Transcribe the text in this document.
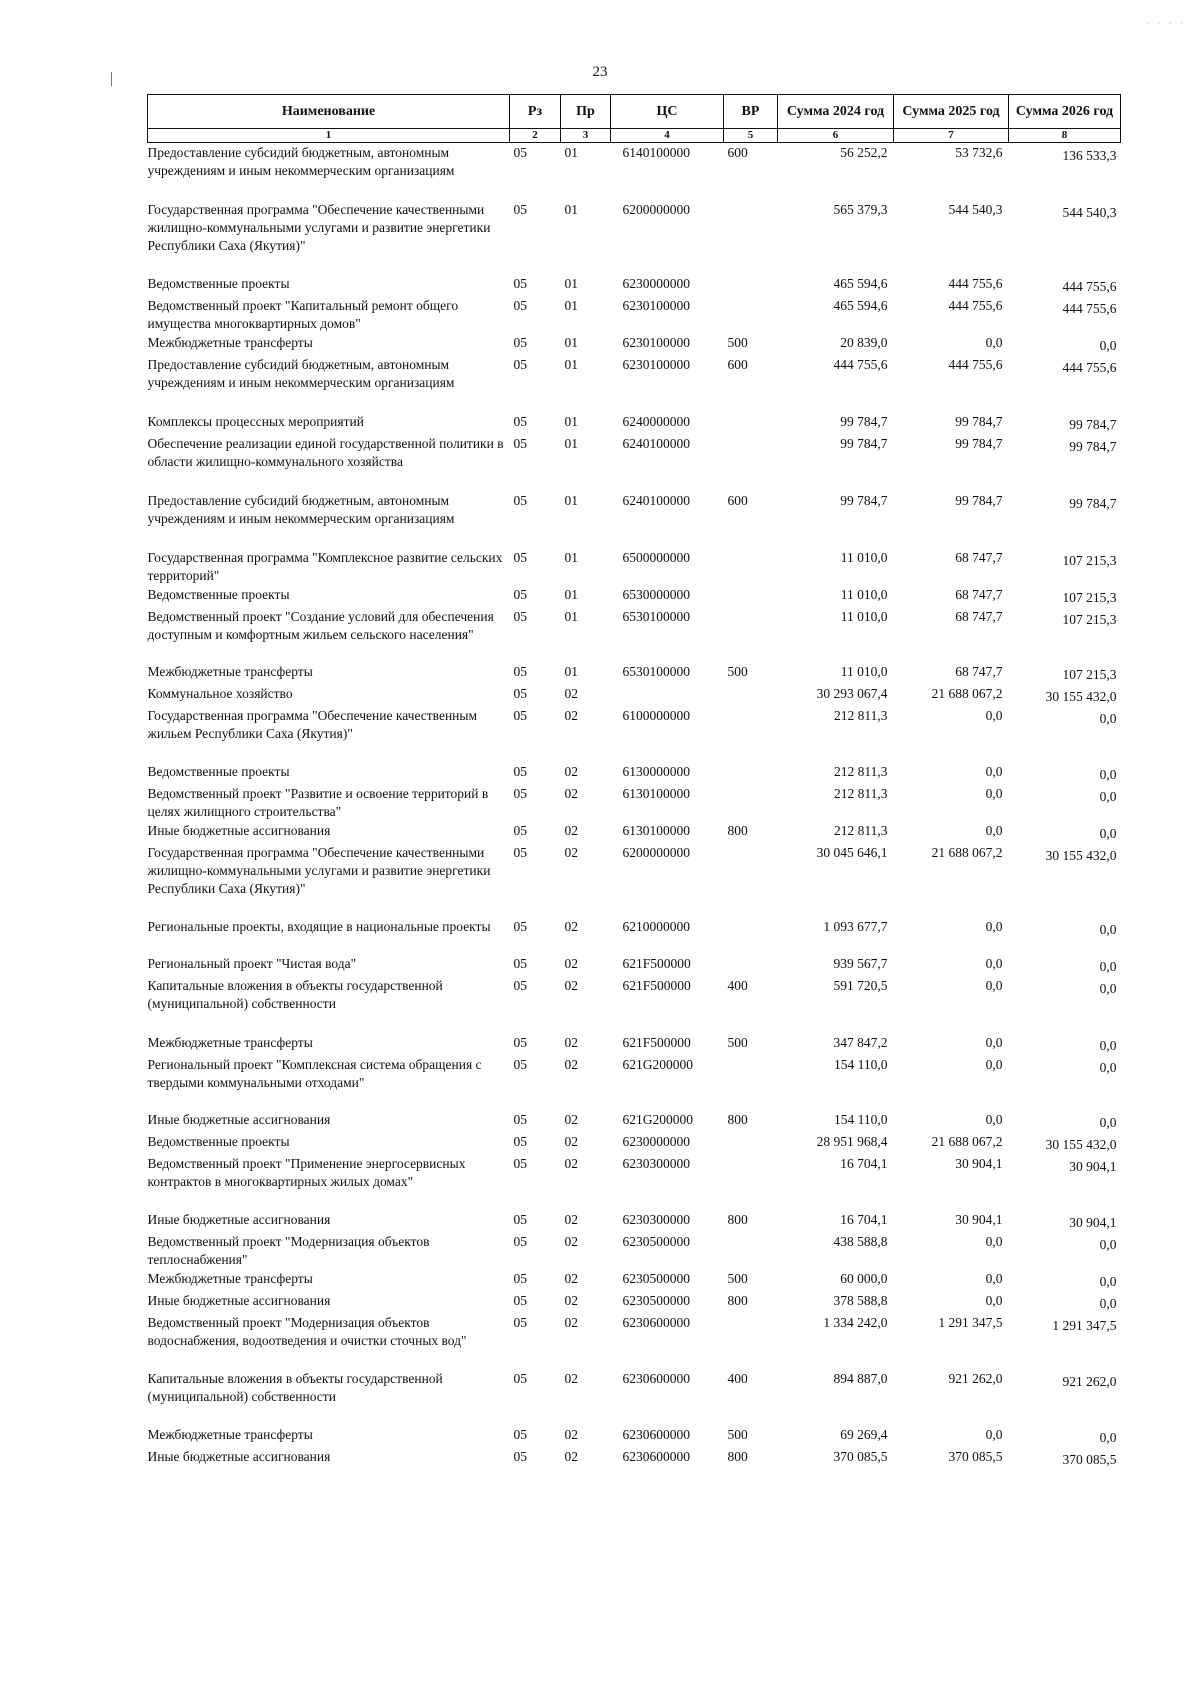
· · · ·
23
Наименование	Рз	Пр	ЦС	ВР	Сумма 2024 год	Сумма 2025 год	Сумма 2026 год
1	2	3	4	5	6	7	8
Предоставление субсидий бюджетным, автономным учреждениям и иным некоммерческим организациям	05	01	6140100000	600	56 252,2	53 732,6	136 533,3
Государственная программа "Обеспечение качественными жилищно-коммунальными услугами и развитие энергетики Республики Саха (Якутия)"	05	01	6200000000		565 379,3	544 540,3	544 540,3
Ведомственные проекты	05	01	6230000000		465 594,6	444 755,6	444 755,6
Ведомственный проект "Капитальный ремонт общего имущества многоквартирных домов"	05	01	6230100000		465 594,6	444 755,6	444 755,6
Межбюджетные трансферты	05	01	6230100000	500	20 839,0	0,0	0,0
Предоставление субсидий бюджетным, автономным учреждениям и иным некоммерческим организациям	05	01	6230100000	600	444 755,6	444 755,6	444 755,6
Комплексы процессных мероприятий	05	01	6240000000		99 784,7	99 784,7	99 784,7
Обеспечение реализации единой государственной политики в области жилищно-коммунального хозяйства	05	01	6240100000		99 784,7	99 784,7	99 784,7
Предоставление субсидий бюджетным, автономным учреждениям и иным некоммерческим организациям	05	01	6240100000	600	99 784,7	99 784,7	99 784,7
Государственная программа "Комплексное развитие сельских территорий"	05	01	6500000000		11 010,0	68 747,7	107 215,3
Ведомственные проекты	05	01	6530000000		11 010,0	68 747,7	107 215,3
Ведомственный проект "Создание условий для обеспечения доступным и комфортным жильем сельского населения"	05	01	6530100000		11 010,0	68 747,7	107 215,3
Межбюджетные трансферты	05	01	6530100000	500	11 010,0	68 747,7	107 215,3
Коммунальное хозяйство	05	02			30 293 067,4	21 688 067,2	30 155 432,0
Государственная программа "Обеспечение качественным жильем Республики Саха (Якутия)"	05	02	6100000000		212 811,3	0,0	0,0
Ведомственные проекты	05	02	6130000000		212 811,3	0,0	0,0
Ведомственный проект "Развитие и освоение территорий в целях жилищного строительства"	05	02	6130100000		212 811,3	0,0	0,0
Иные бюджетные ассигнования	05	02	6130100000	800	212 811,3	0,0	0,0
Государственная программа "Обеспечение качественными жилищно-коммунальными услугами и развитие энергетики Республики Саха (Якутия)"	05	02	6200000000		30 045 646,1	21 688 067,2	30 155 432,0
Региональные проекты, входящие в национальные проекты	05	02	6210000000		1 093 677,7	0,0	0,0
Региональный проект "Чистая вода"	05	02	621F500000		939 567,7	0,0	0,0
Капитальные вложения в объекты государственной (муниципальной) собственности	05	02	621F500000	400	591 720,5	0,0	0,0
Межбюджетные трансферты	05	02	621F500000	500	347 847,2	0,0	0,0
Региональный проект "Комплексная система обращения с твердыми коммунальными отходами"	05	02	621G200000		154 110,0	0,0	0,0
Иные бюджетные ассигнования	05	02	621G200000	800	154 110,0	0,0	0,0
Ведомственные проекты	05	02	6230000000		28 951 968,4	21 688 067,2	30 155 432,0
Ведомственный проект "Применение энергосервисных контрактов в многоквартирных жилых домах"	05	02	6230300000		16 704,1	30 904,1	30 904,1
Иные бюджетные ассигнования	05	02	6230300000	800	16 704,1	30 904,1	30 904,1
Ведомственный проект "Модернизация объектов теплоснабжения"	05	02	6230500000		438 588,8	0,0	0,0
Межбюджетные трансферты	05	02	6230500000	500	60 000,0	0,0	0,0
Иные бюджетные ассигнования	05	02	6230500000	800	378 588,8	0,0	0,0
Ведомственный проект "Модернизация объектов водоснабжения, водоотведения и очистки сточных вод"	05	02	6230600000		1 334 242,0	1 291 347,5	1 291 347,5
Капитальные вложения в объекты государственной (муниципальной) собственности	05	02	6230600000	400	894 887,0	921 262,0	921 262,0
Межбюджетные трансферты	05	02	6230600000	500	69 269,4	0,0	0,0
Иные бюджетные ассигнования	05	02	6230600000	800	370 085,5	370 085,5	370 085,5
